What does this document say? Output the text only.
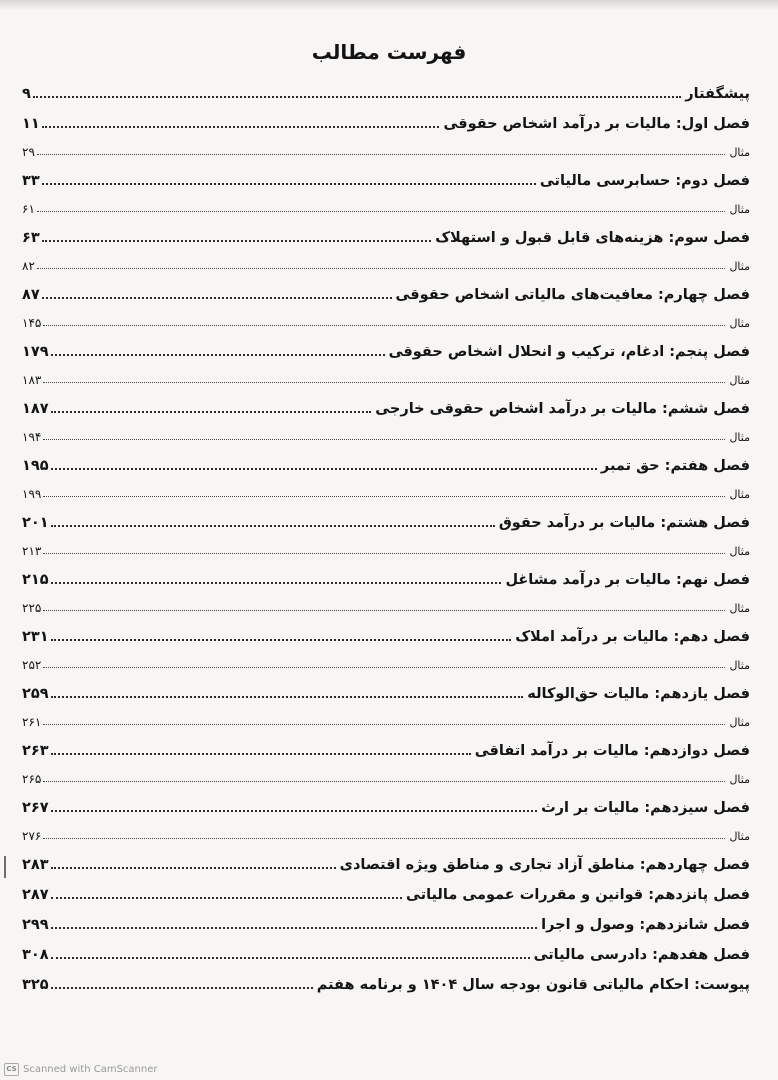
فهرست مطالب
پیشگفتار
۹
فصل اول: مالیات بر درآمد اشخاص حقوقی
۱۱
مثال
۲۹
فصل دوم: حسابرسی مالیاتی
۳۳
مثال
۶۱
فصل سوم: هزینه‌های قابل قبول و استهلاک
۶۳
مثال
۸۲
فصل چهارم: معافیت‌های مالیاتی اشخاص حقوقی
۸۷
مثال
۱۴۵
فصل پنجم: ادغام، ترکیب و انحلال اشخاص حقوقی
۱۷۹
مثال
۱۸۳
فصل ششم: مالیات بر درآمد اشخاص حقوقی خارجی
۱۸۷
مثال
۱۹۴
فصل هفتم: حق تمبر
۱۹۵
مثال
۱۹۹
فصل هشتم: مالیات بر درآمد حقوق
۲۰۱
مثال
۲۱۳
فصل نهم: مالیات بر درآمد مشاغل
۲۱۵
مثال
۲۲۵
فصل دهم: مالیات بر درآمد املاک
۲۳۱
مثال
۲۵۲
فصل یازدهم: مالیات حق‌الوکاله
۲۵۹
مثال
۲۶۱
فصل دوازدهم: مالیات بر درآمد اتفاقی
۲۶۳
مثال
۲۶۵
فصل سیزدهم: مالیات بر ارث
۲۶۷
مثال
۲۷۶
فصل چهاردهم: مناطق آزاد تجاری و مناطق ویژه اقتصادی
۲۸۳
فصل پانزدهم: قوانین و مقررات عمومی مالیاتی
۲۸۷
فصل شانزدهم: وصول و اجرا
۲۹۹
فصل هفدهم: دادرسی مالیاتی
۳۰۸
پیوست: احکام مالیاتی قانون بودجه سال ۱۴۰۴ و برنامه هفتم
۳۲۵
CS Scanned with CamScanner
